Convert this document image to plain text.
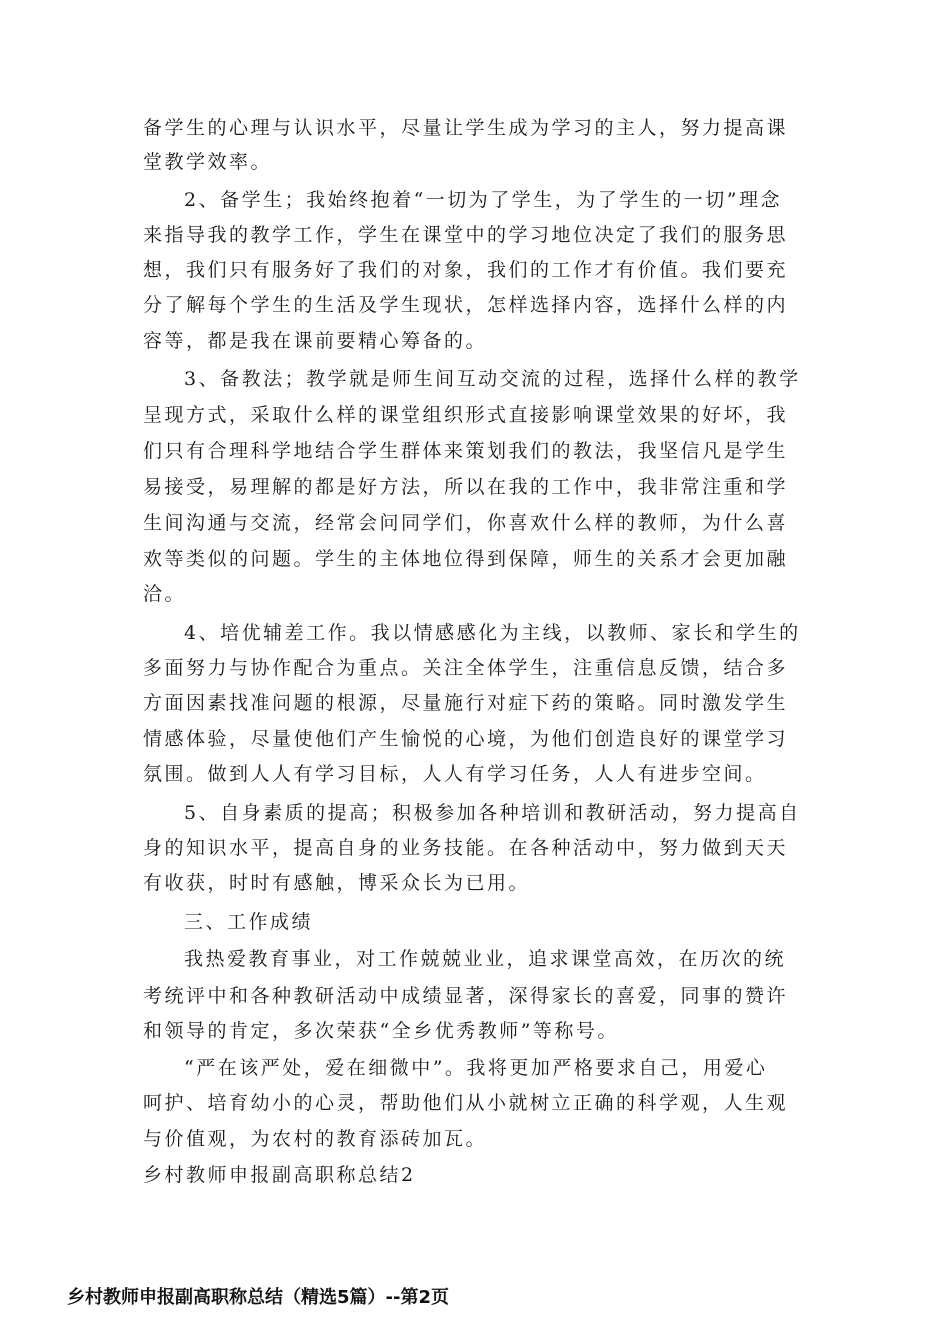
备学生的心理与认识水平，尽量让学生成为学习的主人，努力提高课
堂教学效率。
2、备学生；我始终抱着“一切为了学生，为了学生的一切”理念
来指导我的教学工作，学生在课堂中的学习地位决定了我们的服务思
想，我们只有服务好了我们的对象，我们的工作才有价值。我们要充
分了解每个学生的生活及学生现状，怎样选择内容，选择什么样的内
容等，都是我在课前要精心筹备的。
3、备教法；教学就是师生间互动交流的过程，选择什么样的教学
呈现方式，采取什么样的课堂组织形式直接影响课堂效果的好坏，我
们只有合理科学地结合学生群体来策划我们的教法，我坚信凡是学生
易接受，易理解的都是好方法，所以在我的工作中，我非常注重和学
生间沟通与交流，经常会问同学们，你喜欢什么样的教师，为什么喜
欢等类似的问题。学生的主体地位得到保障，师生的关系才会更加融
洽。
4、培优辅差工作。我以情感感化为主线，以教师、家长和学生的
多面努力与协作配合为重点。关注全体学生，注重信息反馈，结合多
方面因素找准问题的根源，尽量施行对症下药的策略。同时激发学生
情感体验，尽量使他们产生愉悦的心境，为他们创造良好的课堂学习
氛围。做到人人有学习目标，人人有学习任务，人人有进步空间。
5、自身素质的提高；积极参加各种培训和教研活动，努力提高自
身的知识水平，提高自身的业务技能。在各种活动中，努力做到天天
有收获，时时有感触，博采众长为已用。
三、工作成绩
我热爱教育事业，对工作兢兢业业，追求课堂高效，在历次的统
考统评中和各种教研活动中成绩显著，深得家长的喜爱，同事的赞许
和领导的肯定，多次荣获“全乡优秀教师”等称号。
“严在该严处，爱在细微中”。我将更加严格要求自己，用爱心
呵护、培育幼小的心灵，帮助他们从小就树立正确的科学观，人生观
与价值观，为农村的教育添砖加瓦。
乡村教师申报副高职称总结2
乡村教师申报副高职称总结（精选5篇）--第2页
